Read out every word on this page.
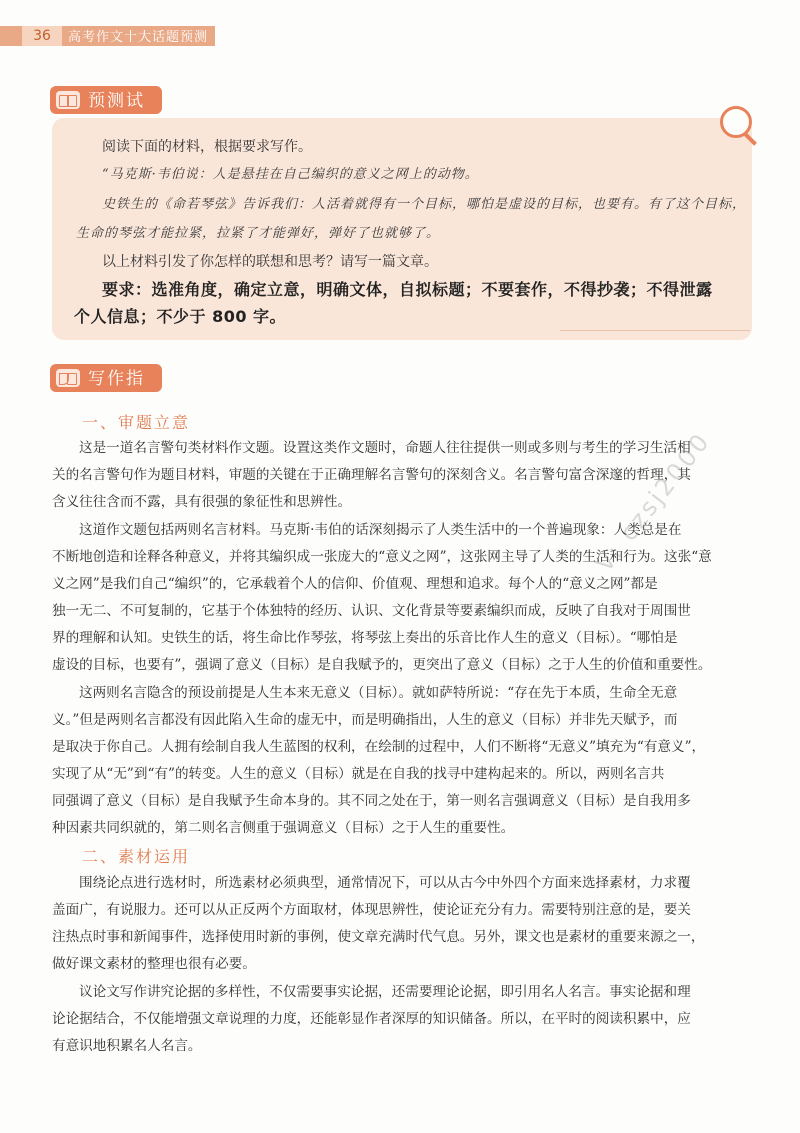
36	高考作文十大话题预测
预测试
阅读下面的材料，根据要求写作。
“马克斯·韦伯说：人是悬挂在自己编织的意义之网上的动物。
史铁生的《命若琴弦》告诉我们：人活着就得有一个目标，哪怕是虚设的目标，也要有。有了这个目标，
生命的琴弦才能拉紧，拉紧了才能弹好，弹好了也就够了。
以上材料引发了你怎样的联想和思考？请写一篇文章。
要求：选准角度，确定立意，明确文体，自拟标题；不要套作，不得抄袭；不得泄露
个人信息；不少于 800 字。
写作指引
一、审题立意
这是一道名言警句类材料作文题。设置这类作文题时，命题人往往提供一则或多则与考生的学习生活相
关的名言警句作为题目材料，审题的关键在于正确理解名言警句的深刻含义。名言警句富含深邃的哲理，其
含义往往含而不露，具有很强的象征性和思辨性。
这道作文题包括两则名言材料。马克斯·韦伯的话深刻揭示了人类生活中的一个普遍现象：人类总是在
不断地创造和诠释各种意义，并将其编织成一张庞大的“意义之网”，这张网主导了人类的生活和行为。这张“意
义之网”是我们自己“编织”的，它承载着个人的信仰、价值观、理想和追求。每个人的“意义之网”都是
独一无二、不可复制的，它基于个体独特的经历、认识、文化背景等要素编织而成，反映了自我对于周围世
界的理解和认知。史铁生的话，将生命比作琴弦，将琴弦上奏出的乐音比作人生的意义（目标）。“哪怕是
虚设的目标，也要有”，强调了意义（目标）是自我赋予的，更突出了意义（目标）之于人生的价值和重要性。
这两则名言隐含的预设前提是人生本来无意义（目标）。就如萨特所说：“存在先于本质，生命全无意
义。”但是两则名言都没有因此陷入生命的虚无中，而是明确指出，人生的意义（目标）并非先天赋予，而
是取决于你自己。人拥有绘制自我人生蓝图的权利，在绘制的过程中，人们不断将“无意义”填充为“有意义”，
实现了从“无”到“有”的转变。人生的意义（目标）就是在自我的找寻中建构起来的。所以，两则名言共
同强调了意义（目标）是自我赋予生命本身的。其不同之处在于，第一则名言强调意义（目标）是自我用多
种因素共同织就的，第二则名言侧重于强调意义（目标）之于人生的重要性。
二、素材运用
围绕论点进行选材时，所选素材必须典型，通常情况下，可以从古今中外四个方面来选择素材，力求覆
盖面广，有说服力。还可以从正反两个方面取材，体现思辨性，使论证充分有力。需要特别注意的是，要关
注热点时事和新闻事件，选择使用时新的事例，使文章充满时代气息。另外，课文也是素材的重要来源之一，
做好课文素材的整理也很有必要。
议论文写作讲究论据的多样性，不仅需要事实论据，还需要理论论据，即引用名人名言。事实论据和理
论论据结合，不仅能增强文章说理的力度，还能彰显作者深厚的知识储备。所以，在平时的阅读积累中，应
有意识地积累名人名言。
V: czsj2000
